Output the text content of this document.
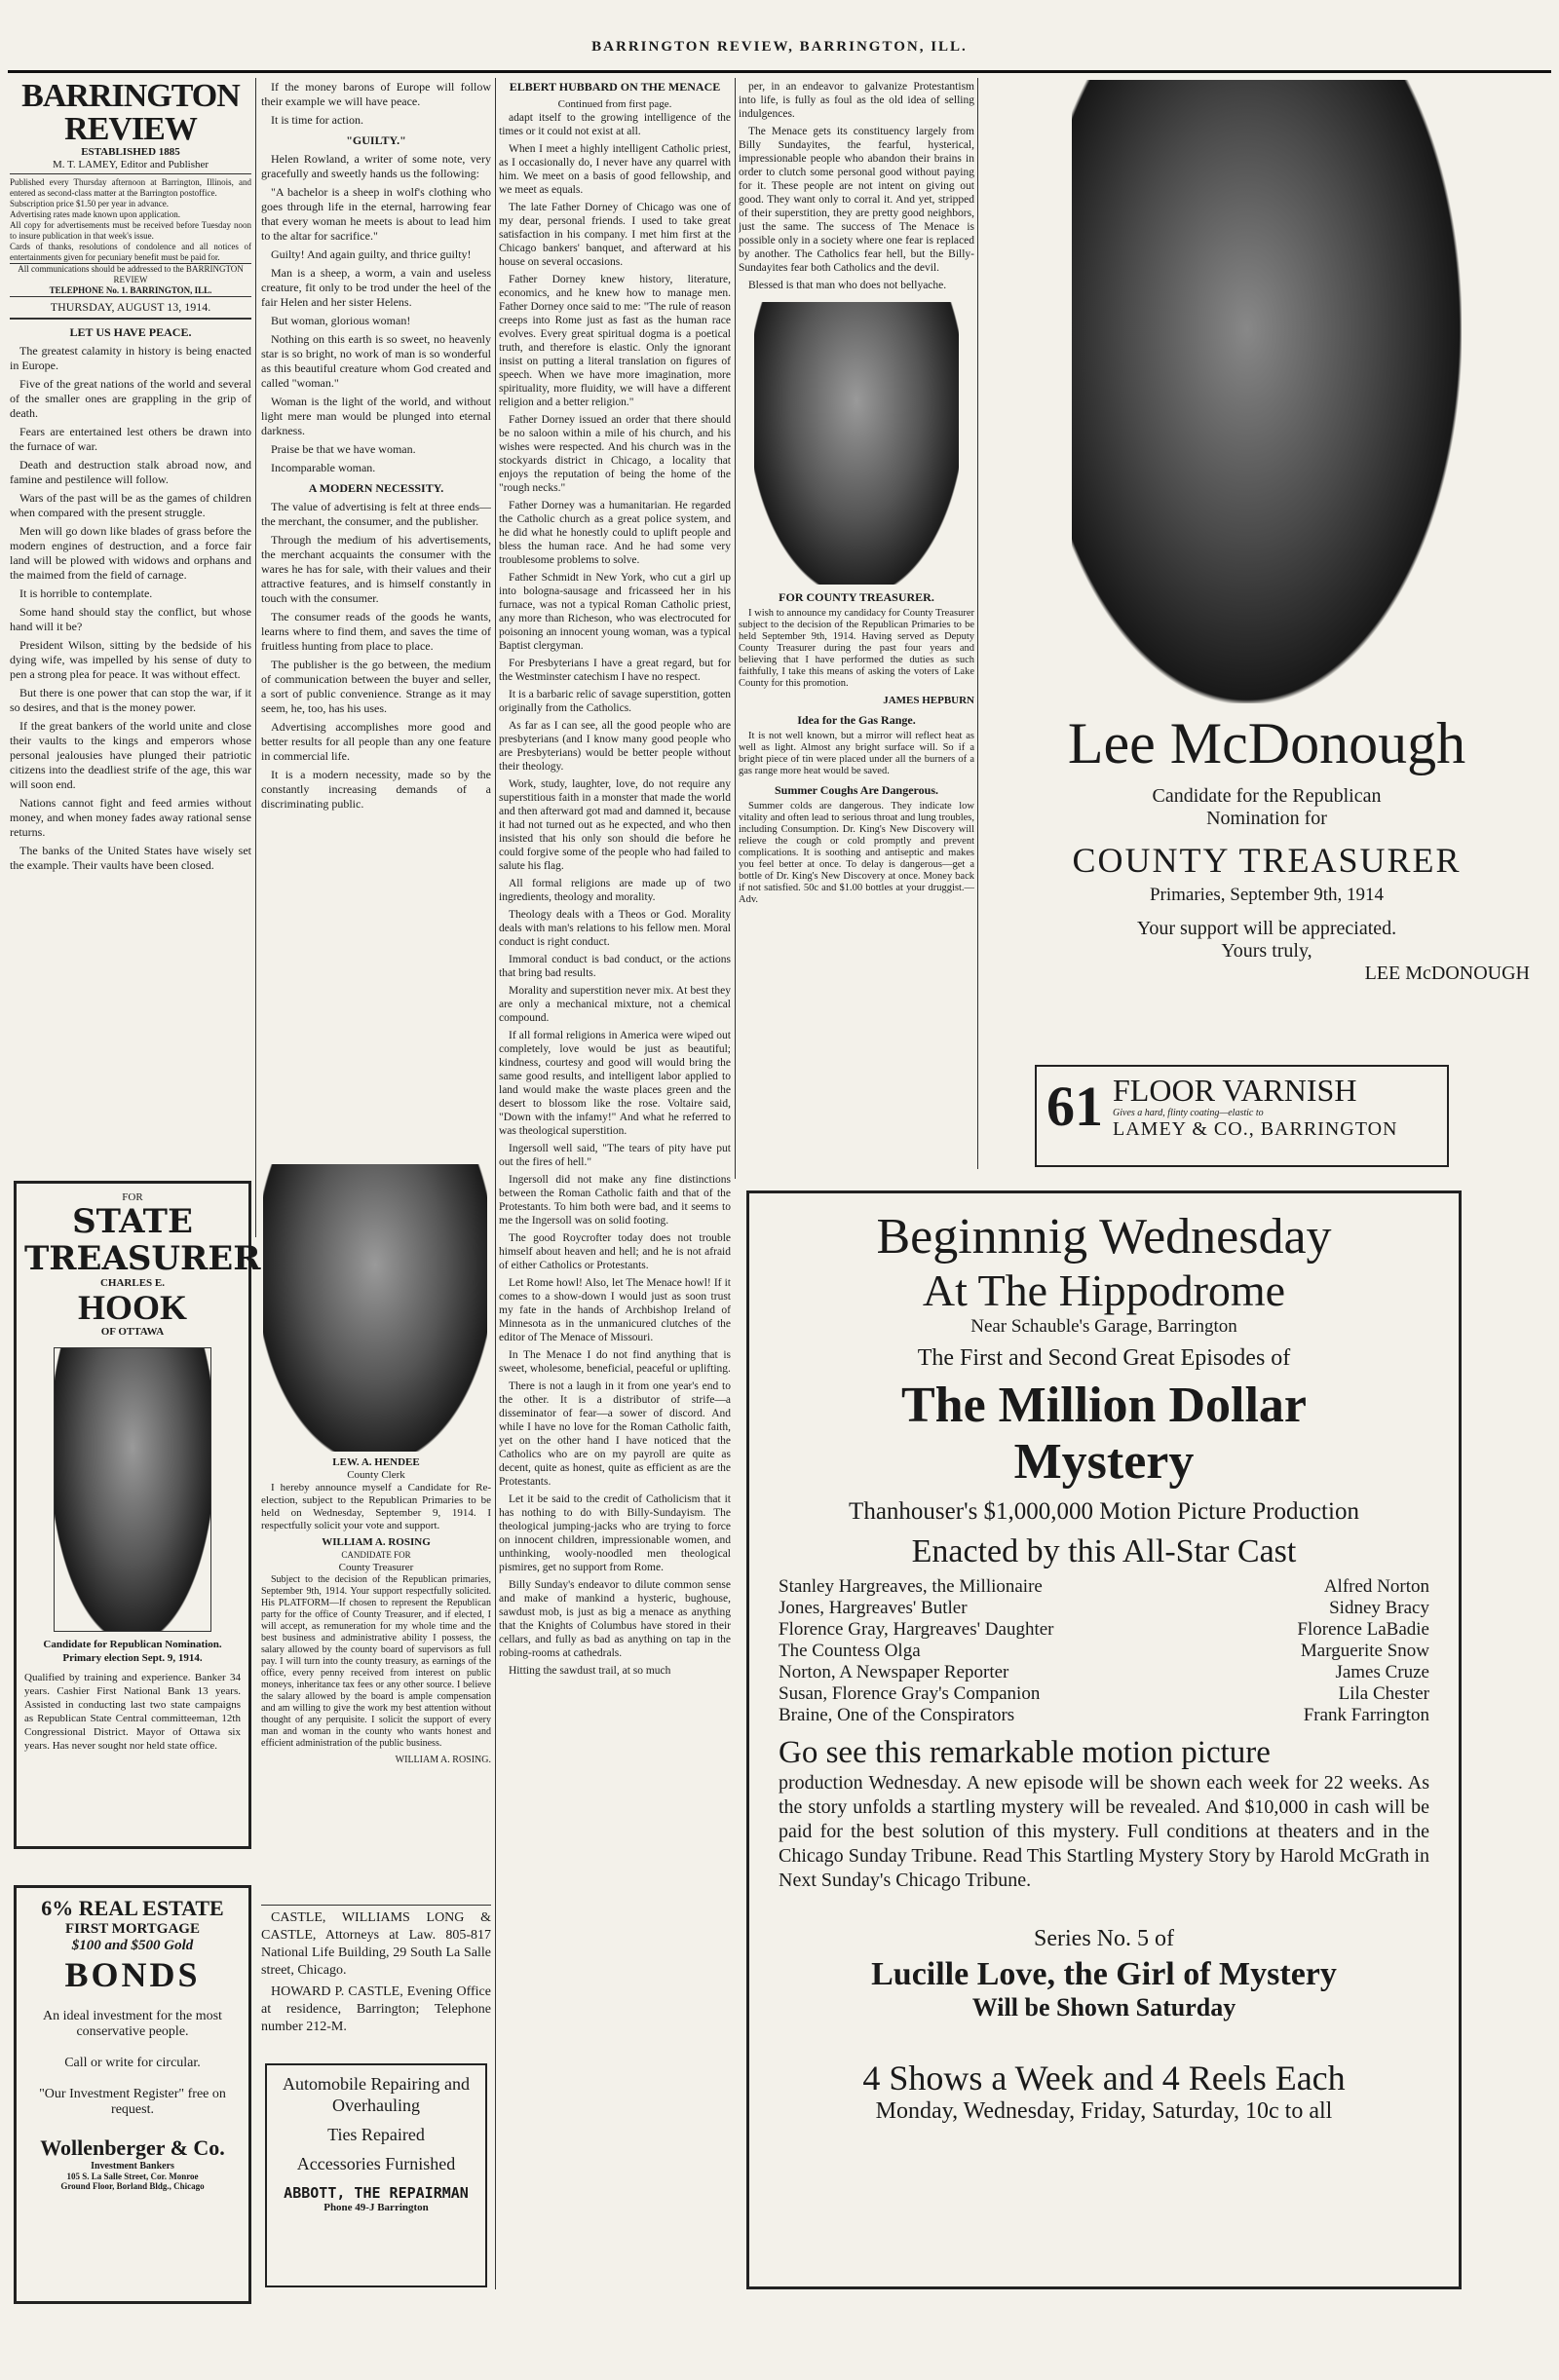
BARRINGTON REVIEW, BARRINGTON, ILL.
BARRINGTON REVIEW
ESTABLISHED 1885
M. T. LAMEY, Editor and Publisher
Published every Thursday afternoon at Barrington, Illinois, and entered as second-class matter at the Barrington postoffice.
Subscription price $1.50 per year in advance.
Advertising rates made known upon application.
All copy for advertisements must be received before Tuesday noon to insure publication in that week's issue.
Cards of thanks, resolutions of condolence and all notices of entertainments given for pecuniary benefit must be paid for.
All communications should be addressed to the BARRINGTON REVIEW
TELEPHONE No. 1. BARRINGTON, ILL.
THURSDAY, AUGUST 13, 1914.
LET US HAVE PEACE.

The greatest calamity in history is being enacted in Europe.

Five of the great nations of the world and several of the smaller ones are grappling in the grip of death.

Fears are entertained lest others be drawn into the furnace of war.

Death and destruction stalk abroad now, and famine and pestilence will follow.

Wars of the past will be as the games of children when compared with the present struggle.

Men will go down like blades of grass before the modern engines of destruction, and a force fair land will be plowed with widows and orphans and the maimed from the field of carnage.

It is horrible to contemplate.

Some hand should stay the conflict, but whose hand will it be?

President Wilson, sitting by the bedside of his dying wife, was impelled by his sense of duty to pen a strong plea for peace. It was without effect.

But there is one power that can stop the war, if it so desires, and that is the money power.

If the great bankers of the world unite and close their vaults to the kings and emperors whose personal jealousies have plunged their patriotic citizens into the deadliest strife of the age, this war will soon end.

Nations cannot fight and feed armies without money, and when money fades away rational sense returns.

The banks of the United States have wisely set the example. Their vaults have been closed.

FOR
STATE TREASURER
CHARLES E.
HOOK
OF OTTAWA
Candidate for Republican Nomination. Primary election Sept. 9, 1914.
Qualified by training and experience. Banker 34 years. Cashier First National Bank 13 years. Assisted in conducting last two state campaigns as Republican State Central committeeman, 12th Congressional District. Mayor of Ottawa six years. Has never sought nor held state office.
6% REAL ESTATE
FIRST MORTGAGE
$100 and $500 Gold
BONDS
An ideal investment for the most conservative people.
Call or write for circular.
"Our Investment Register" free on request.
Wollenberger & Co.
Investment Bankers
105 S. La Salle Street, Cor. Monroe
Ground Floor, Borland Bldg., Chicago

If the money barons of Europe will follow their example we will have peace.

It is time for action.

"GUILTY."

Helen Rowland, a writer of some note, very gracefully and sweetly hands us the following:

"A bachelor is a sheep in wolf's clothing who goes through life in the eternal, harrowing fear that every woman he meets is about to lead him to the altar for sacrifice."

Guilty! And again guilty, and thrice guilty!

Man is a sheep, a worm, a vain and useless creature, fit only to be trod under the heel of the fair Helen and her sister Helens.

But woman, glorious woman!

Nothing on this earth is so sweet, no heavenly star is so bright, no work of man is so wonderful as this beautiful creature whom God created and called "woman."

Woman is the light of the world, and without light mere man would be plunged into eternal darkness.

Praise be that we have woman.

Incomparable woman.

A MODERN NECESSITY.

The value of advertising is felt at three ends—the merchant, the consumer, and the publisher.

Through the medium of his advertisements, the merchant acquaints the consumer with the wares he has for sale, with their values and their attractive features, and is himself constantly in touch with the consumer.

The consumer reads of the goods he wants, learns where to find them, and saves the time of fruitless hunting from place to place.

The publisher is the go between, the medium of communication between the buyer and seller, a sort of public convenience. Strange as it may seem, he, too, has his uses.

Advertising accomplishes more good and better results for all people than any one feature in commercial life.

It is a modern necessity, made so by the constantly increasing demands of a discriminating public.

LEW. A. HENDEE
County Clerk

I hereby announce myself a Candidate for Re-election, subject to the Republican Primaries to be held on Wednesday, September 9, 1914. I respectfully solicit your vote and support.

WILLIAM A. ROSING
CANDIDATE FOR
County Treasurer

Subject to the decision of the Republican primaries, September 9th, 1914. Your support respectfully solicited. His PLATFORM—If chosen to represent the Republican party for the office of County Treasurer, and if elected, I will accept, as remuneration for my whole time and the best business and administrative ability I possess, the salary allowed by the county board of supervisors as full pay. I will turn into the county treasury, as earnings of the office, every penny received from interest on public moneys, inheritance tax fees or any other source. I believe the salary allowed by the board is ample compensation and am willing to give the work my best attention without thought of any perquisite. I solicit the support of every man and woman in the county who wants honest and efficient administration of the public business.

WILLIAM A. ROSING.

CASTLE, WILLIAMS LONG & CASTLE, Attorneys at Law. 805-817 National Life Building, 29 South La Salle street, Chicago.

HOWARD P. CASTLE, Evening Office at residence, Barrington; Telephone number 212-M.

Automobile Repairing and Overhauling
Ties Repaired
Accessories Furnished
ABBOTT, THE REPAIRMAN
Phone 49-J Barrington
ELBERT HUBBARD ON THE MENACE
Continued from first page.

adapt itself to the growing intelligence of the times or it could not exist at all.

When I meet a highly intelligent Catholic priest, as I occasionally do, I never have any quarrel with him. We meet on a basis of good fellowship, and we meet as equals.

The late Father Dorney of Chicago was one of my dear, personal friends. I used to take great satisfaction in his company. I met him first at the Chicago bankers' banquet, and afterward at his house on several occasions.

Father Dorney knew history, literature, economics, and he knew how to manage men. Father Dorney once said to me: "The rule of reason creeps into Rome just as fast as the human race evolves. Every great spiritual dogma is a poetical truth, and therefore is elastic. Only the ignorant insist on putting a literal translation on figures of speech. When we have more imagination, more spirituality, more fluidity, we will have a different religion and a better religion."

Father Dorney issued an order that there should be no saloon within a mile of his church, and his wishes were respected. And his church was in the stockyards district in Chicago, a locality that enjoys the reputation of being the home of the "rough necks."

Father Dorney was a humanitarian. He regarded the Catholic church as a great police system, and he did what he honestly could to uplift people and bless the human race. And he had some very troublesome problems to solve.

Father Schmidt in New York, who cut a girl up into bologna-sausage and fricasseed her in his furnace, was not a typical Roman Catholic priest, any more than Richeson, who was electrocuted for poisoning an innocent young woman, was a typical Baptist clergyman.

For Presbyterians I have a great regard, but for the Westminster catechism I have no respect.

It is a barbaric relic of savage superstition, gotten originally from the Catholics.

As far as I can see, all the good people who are presbyterians (and I know many good people who are Presbyterians) would be better people without their theology.

Work, study, laughter, love, do not require any superstitious faith in a monster that made the world and then afterward got mad and damned it, because it had not turned out as he expected, and who then insisted that his only son should die before he could forgive some of the people who had failed to salute his flag.

All formal religions are made up of two ingredients, theology and morality.

Theology deals with a Theos or God. Morality deals with man's relations to his fellow men. Moral conduct is right conduct.

Immoral conduct is bad conduct, or the actions that bring bad results.

Morality and superstition never mix. At best they are only a mechanical mixture, not a chemical compound.

If all formal religions in America were wiped out completely, love would be just as beautiful; kindness, courtesy and good will would bring the same good results, and intelligent labor applied to land would make the waste places green and the desert to blossom like the rose. Voltaire said, "Down with the infamy!" And what he referred to was theological superstition.

Ingersoll well said, "The tears of pity have put out the fires of hell."

Ingersoll did not make any fine distinctions between the Roman Catholic faith and that of the Protestants. To him both were bad, and it seems to me the Ingersoll was on solid footing.

The good Roycrofter today does not trouble himself about heaven and hell; and he is not afraid of either Catholics or Protestants.

Let Rome howl! Also, let The Menace howl! If it comes to a show-down I would just as soon trust my fate in the hands of Archbishop Ireland of Minnesota as in the unmanicured clutches of the editor of The Menace of Missouri.

In The Menace I do not find anything that is sweet, wholesome, beneficial, peaceful or uplifting.

There is not a laugh in it from one year's end to the other. It is a distributor of strife—a disseminator of fear—a sower of discord. And while I have no love for the Roman Catholic faith, yet on the other hand I have noticed that the Catholics who are on my payroll are quite as decent, quite as honest, quite as efficient as are the Protestants.

Let it be said to the credit of Catholicism that it has nothing to do with Billy-Sundayism. The theological jumping-jacks who are trying to force on innocent children, impressionable women, and unthinking, wooly-noodled men theological pismires, get no support from Rome.

Billy Sunday's endeavor to dilute common sense and make of mankind a hysteric, bughouse, sawdust mob, is just as big a menace as anything that the Knights of Columbus have stored in their cellars, and fully as bad as anything on tap in the robing-rooms at cathedrals.

Hitting the sawdust trail, at so much

per, in an endeavor to galvanize Protestantism into life, is fully as foul as the old idea of selling indulgences.

The Menace gets its constituency largely from Billy Sundayites, the fearful, hysterical, impressionable people who abandon their brains in order to clutch some personal good without paying for it. These people are not intent on giving out good. They want only to corral it. And yet, stripped of their superstition, they are pretty good neighbors, just the same. The success of The Menace is possible only in a society where one fear is replaced by another. The Catholics fear hell, but the Billy-Sundayites fear both Catholics and the devil.

Blessed is that man who does not bellyache.

FOR COUNTY TREASURER.

I wish to announce my candidacy for County Treasurer subject to the decision of the Republican Primaries to be held September 9th, 1914. Having served as Deputy County Treasurer during the past four years and believing that I have performed the duties as such faithfully, I take this means of asking the voters of Lake County for this promotion.

JAMES HEPBURN
Idea for the Gas Range.

It is not well known, but a mirror will reflect heat as well as light. Almost any bright surface will. So if a bright piece of tin were placed under all the burners of a gas range more heat would be saved.

Summer Coughs Are Dangerous.

Summer colds are dangerous. They indicate low vitality and often lead to serious throat and lung troubles, including Consumption. Dr. King's New Discovery will relieve the cough or cold promptly and prevent complications. It is soothing and antiseptic and makes you feel better at once. To delay is dangerous—get a bottle of Dr. King's New Discovery at once. Money back if not satisfied. 50c and $1.00 bottles at your druggist.—Adv.

Lee McDonough
Candidate for the Republican
Nomination for
COUNTY TREASURER
Primaries, September 9th, 1914
Your support will be appreciated.
Yours truly,
LEE McDONOUGH
61 FLOOR VARNISH
Gives a hard, flinty coating—elastic to
LAMEY & CO., BARRINGTON
Beginnnig Wednesday
At The Hippodrome
Near Schauble's Garage, Barrington
The First and Second Great Episodes of
The Million Dollar
Mystery
Thanhouser's $1,000,000 Motion Picture Production
Enacted by this All-Star Cast
Stanley Hargreaves, the Millionaire	Alfred Norton
Jones, Hargreaves' Butler	Sidney Bracy
Florence Gray, Hargreaves' Daughter	Florence LaBadie
The Countess Olga	Marguerite Snow
Norton, A Newspaper Reporter	James Cruze
Susan, Florence Gray's Companion	Lila Chester
Braine, One of the Conspirators	Frank Farrington
Go see this remarkable motion picture
production Wednesday. A new episode will be shown each week for 22 weeks. As the story unfolds a startling mystery will be revealed. And $10,000 in cash will be paid for the best solution of this mystery. Full conditions at theaters and in the Chicago Sunday Tribune. Read This Startling Mystery Story by Harold McGrath in Next Sunday's Chicago Tribune.
Series No. 5 of
Lucille Love, the Girl of Mystery
Will be Shown Saturday
4 Shows a Week and 4 Reels Each
Monday, Wednesday, Friday, Saturday, 10c to all
